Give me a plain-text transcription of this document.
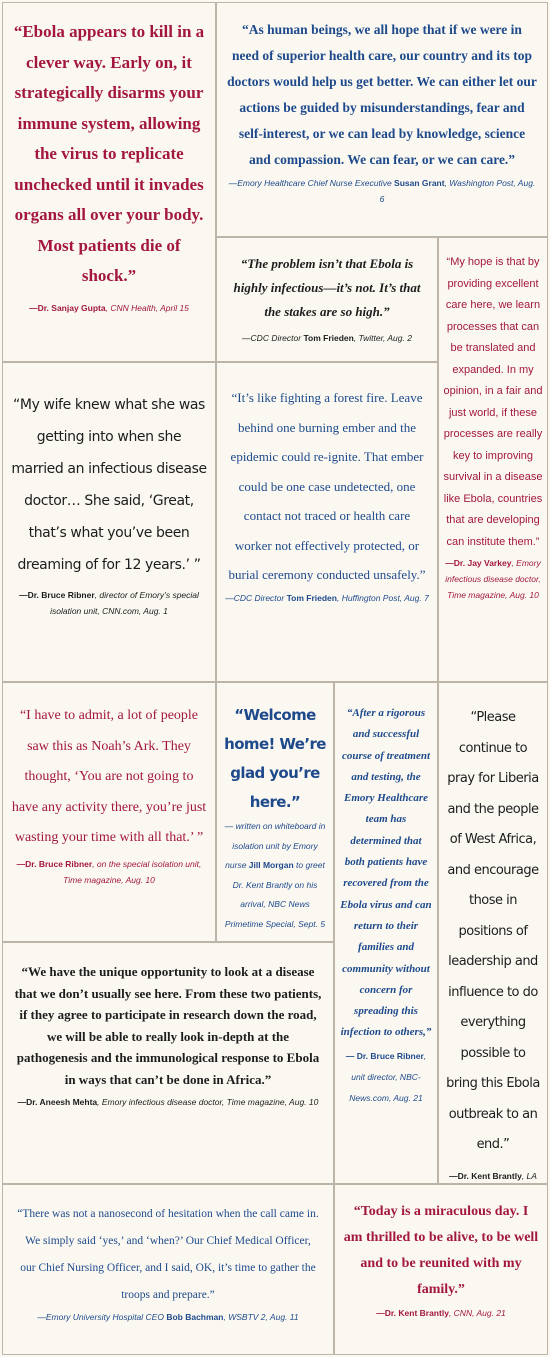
“Ebola appears to kill in a clever way. Early on, it strategically disarms your immune system, allowing the virus to replicate unchecked until it invades organs all over your body. Most patients die of shock.”

—Dr. Sanjay Gupta, CNN Health, April 15

“As human beings, we all hope that if we were in need of superior health care, our country and its top doctors would help us get better. We can either let our actions be guided by misunderstandings, fear and self-interest, or we can lead by knowledge, science and compassion. We can fear, or we can care.”

—Emory Healthcare Chief Nurse Executive Susan Grant, Washington Post, Aug. 6

“The problem isn’t that Ebola is highly infectious—it’s not. It’s that the stakes are so high.”

—CDC Director Tom Frieden, Twitter, Aug. 2

“My hope is that by providing excellent care here, we learn processes that can be translated and expanded. In my opinion, in a fair and just world, if these processes are really key to improving survival in a disease like Ebola, countries that are developing can institute them.”

—Dr. Jay Varkey, Emory infectious disease doctor, Time magazine, Aug. 10

“My wife knew what she was getting into when she married an infectious disease doctor… She said, ‘Great, that’s what you’ve been dreaming of for 12 years.’ ”

—Dr. Bruce Ribner, director of Emory’s special isolation unit, CNN.com, Aug. 1

“It’s like fighting a forest fire. Leave behind one burning ember and the epidemic could re-ignite. That ember could be one case undetected, one contact not traced or health care worker not effectively protected, or burial ceremony conducted unsafely.”

—CDC Director Tom Frieden, Huffington Post, Aug. 7

“I have to admit, a lot of people saw this as Noah’s Ark. They thought, ‘You are not going to have any activity there, you’re just wasting your time with all that.’ ”

—Dr. Bruce Ribner, on the special isolation unit, Time magazine, Aug. 10

“Welcome home! We’re glad you’re here.”

— written on whiteboard in isolation unit by Emory nurse Jill Morgan to greet Dr. Kent Brantly on his arrival, NBC News Primetime Special, Sept. 5

“After a rigorous and successful course of treatment and testing, the Emory Healthcare team has determined that both patients have recovered from the Ebola virus and can return to their families and community without concern for spreading this infection to others,”

— Dr. Bruce Ribner, unit director, NBC-News.com, Aug. 21

“Please continue to pray for Liberia and the people of West Africa, and encourage those in positions of leadership and influence to do everything possible to bring this Ebola outbreak to an end.”

—Dr. Kent Brantly, LA

“We have the unique opportunity to look at a disease that we don’t usually see here. From these two patients, if they agree to participate in research down the road, we will be able to really look in-depth at the pathogenesis and the immunological response to Ebola in ways that can’t be done in Africa.”

—Dr. Aneesh Mehta, Emory infectious disease doctor, Time magazine, Aug. 10

“There was not a nanosecond of hesitation when the call came in. We simply said ‘yes,’ and ‘when?’ Our Chief Medical Officer, our Chief Nursing Officer, and I said, OK, it’s time to gather the troops and prepare.”

—Emory University Hospital CEO Bob Bachman, WSBTV 2, Aug. 11

“Today is a miraculous day. I am thrilled to be alive, to be well and to be reunited with my family.”

—Dr. Kent Brantly, CNN, Aug. 21
